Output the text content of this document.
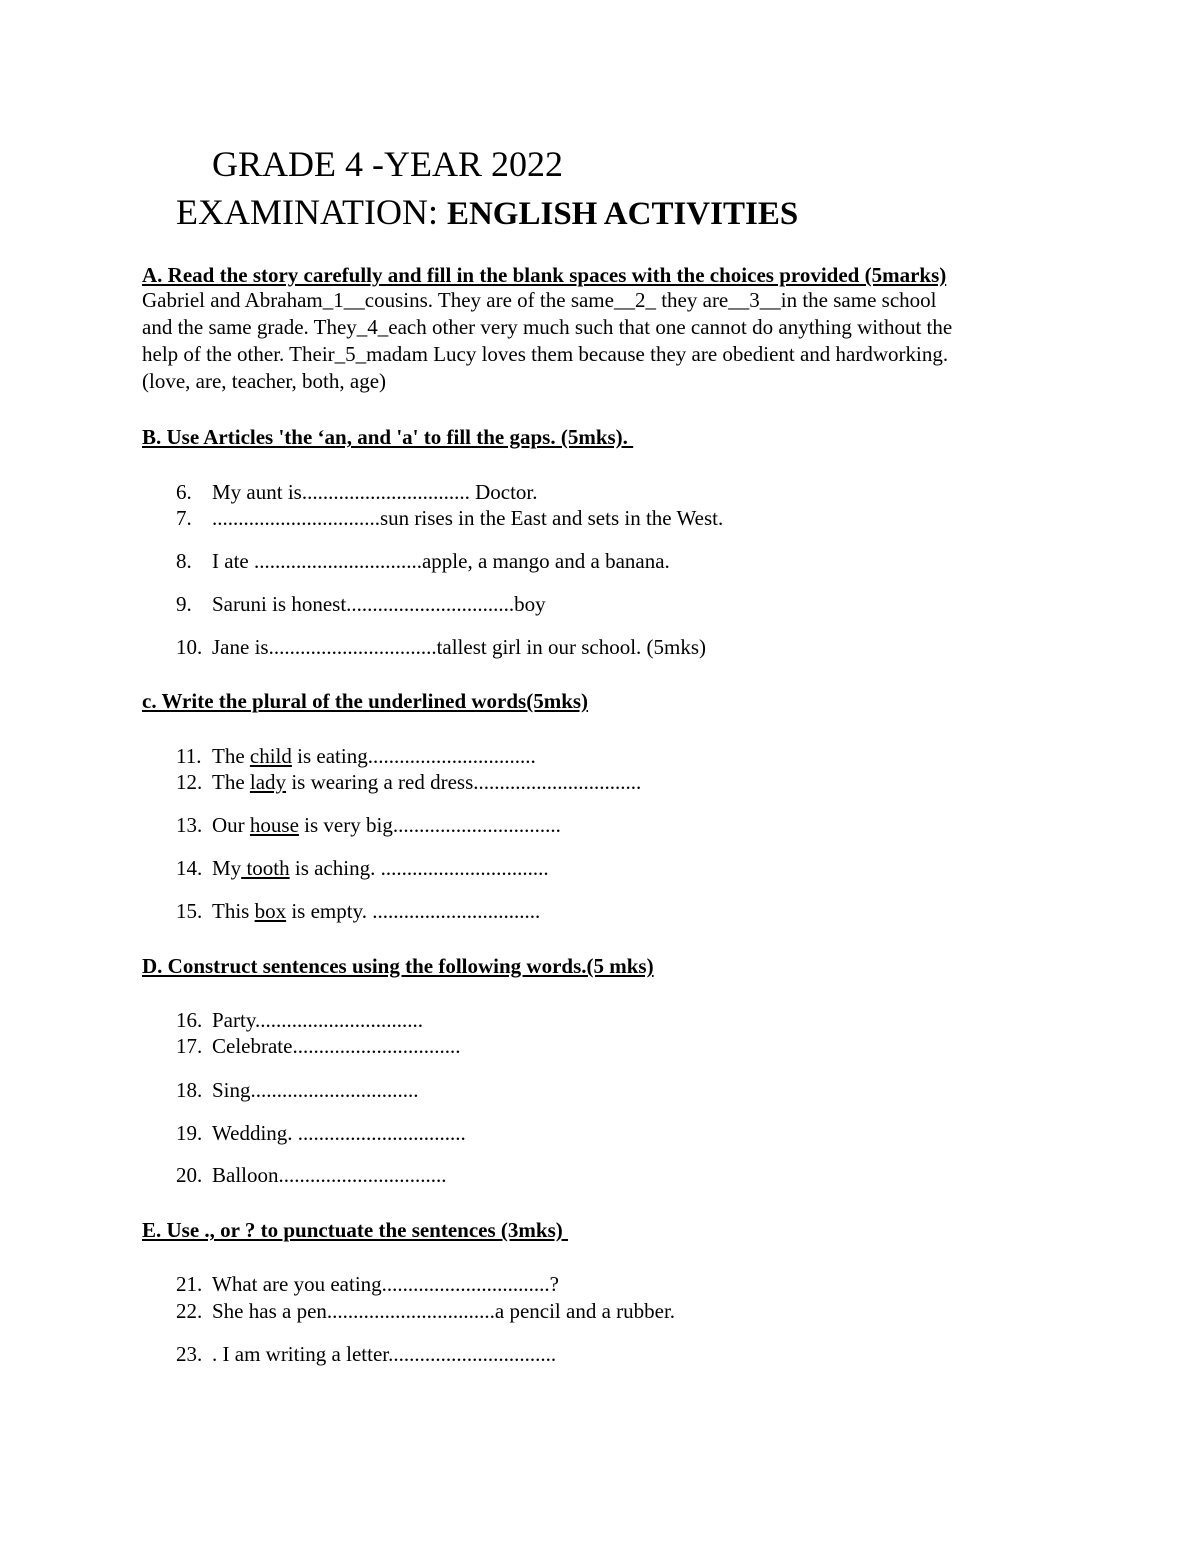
GRADE 4 -YEAR 2022
EXAMINATION: ENGLISH ACTIVITIES

A. Read the story carefully and fill in the blank spaces with the choices provided (5marks)

Gabriel and Abraham_1__cousins. They are of the same__2_ they are__3__in the same school
and the same grade. They_4_each other very much such that one cannot do anything without the
help of the other. Their_5_madam Lucy loves them because they are obedient and hardworking.
(love, are, teacher, both, age)

B. Use Articles 'the ‘an, and 'a' to fill the gaps. (5mks).

6. My aunt is................................ Doctor.

7. ................................sun rises in the East and sets in the West.

8. I ate ................................apple, a mango and a banana.

9. Saruni is honest................................boy

10. Jane is................................tallest girl in our school. (5mks)

c. Write the plural of the underlined words(5mks)

11. The child is eating................................

12. The lady is wearing a red dress................................

13. Our house is very big................................

14. My tooth is aching. ................................

15. This box is empty. ................................

D. Construct sentences using the following words.(5 mks)

16. Party................................

17. Celebrate................................

18. Sing................................

19. Wedding. ................................

20. Balloon................................

E. Use ., or ? to punctuate the sentences (3mks)

21. What are you eating................................?

22. She has a pen................................a pencil and a rubber.

23. . I am writing a letter................................
